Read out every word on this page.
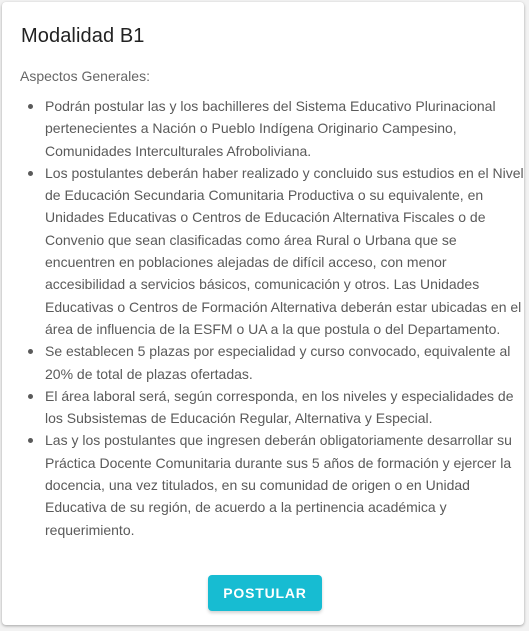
Modalidad B1
Aspectos Generales:
Podrán postular las y los bachilleres del Sistema Educativo Plurinacional pertenecientes a Nación o Pueblo Indígena Originario Campesino, Comunidades Interculturales Afroboliviana.
Los postulantes deberán haber realizado y concluido sus estudios en el Nivel de Educación Secundaria Comunitaria Productiva o su equivalente, en Unidades Educativas o Centros de Educación Alternativa Fiscales o de Convenio que sean clasificadas como área Rural o Urbana que se encuentren en poblaciones alejadas de difícil acceso, con menor accesibilidad a servicios básicos, comunicación y otros. Las Unidades Educativas o Centros de Formación Alternativa deberán estar ubicadas en el área de influencia de la ESFM o UA a la que postula o del Departamento.
Se establecen 5 plazas por especialidad y curso convocado, equivalente al 20% de total de plazas ofertadas.
El área laboral será, según corresponda, en los niveles y especialidades de los Subsistemas de Educación Regular, Alternativa y Especial.
Las y los postulantes que ingresen deberán obligatoriamente desarrollar su Práctica Docente Comunitaria durante sus 5 años de formación y ejercer la docencia, una vez titulados, en su comunidad de origen o en Unidad Educativa de su región, de acuerdo a la pertinencia académica y requerimiento.
POSTULAR
